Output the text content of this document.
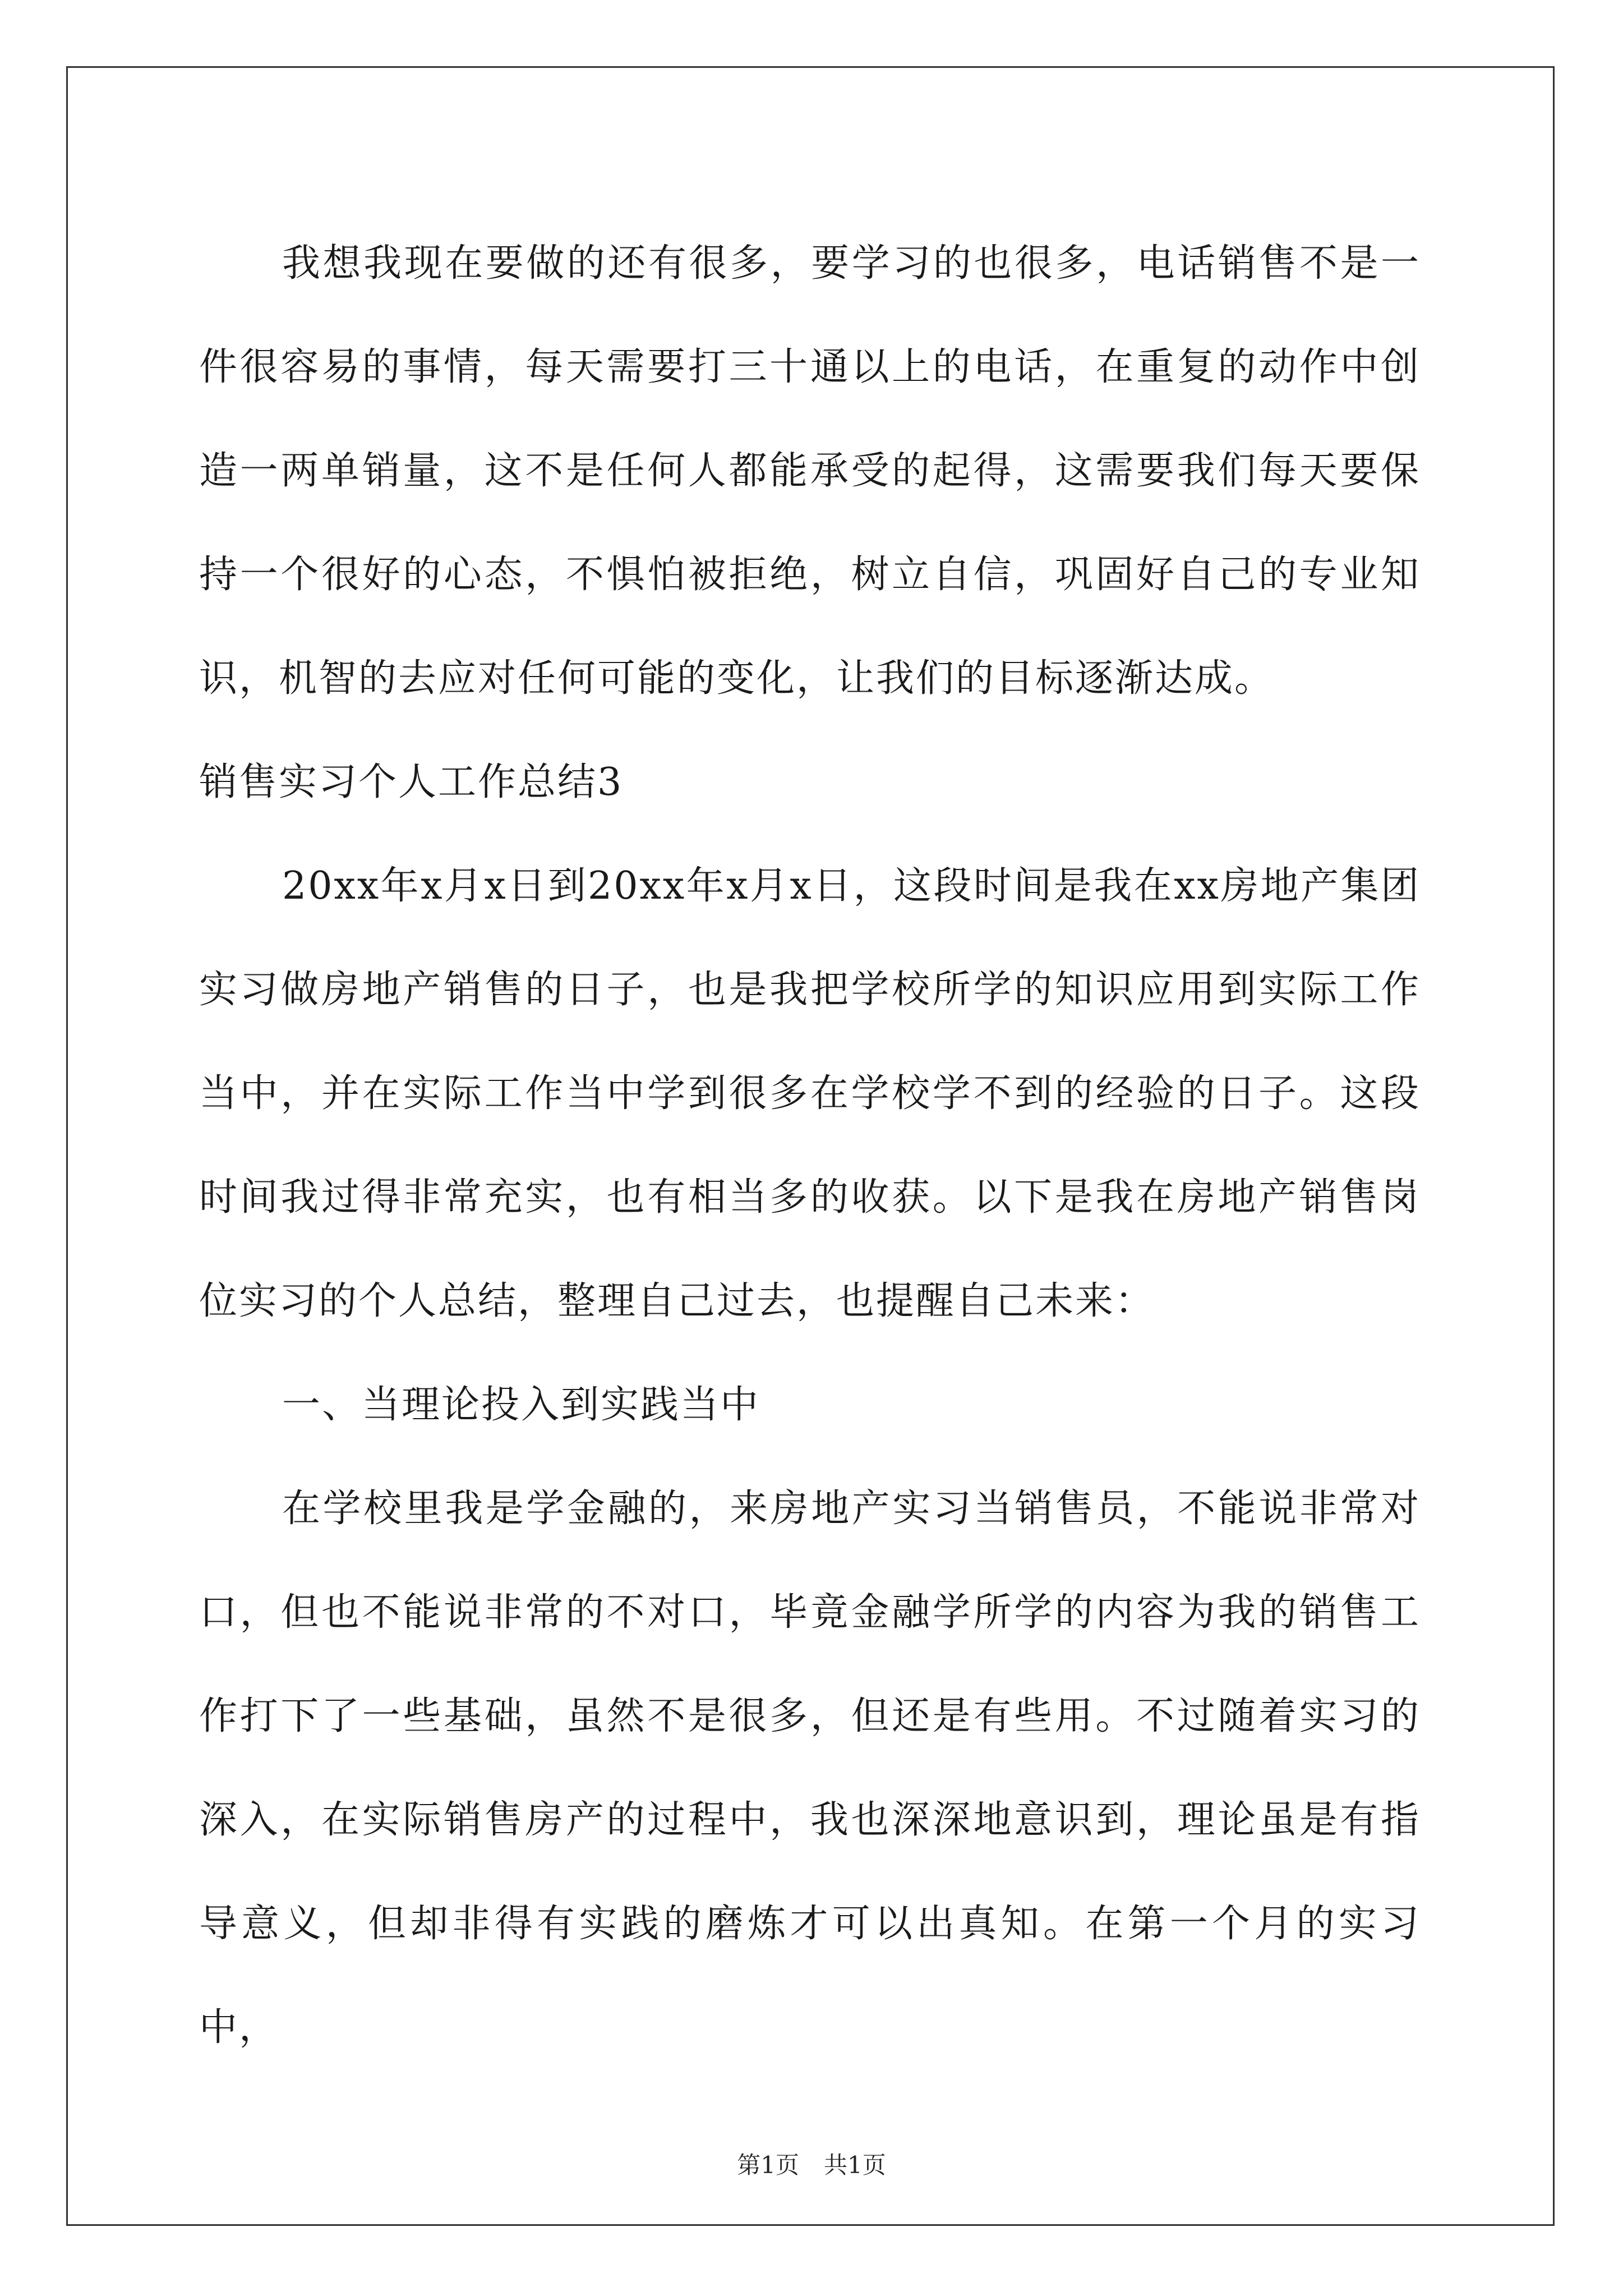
我想我现在要做的还有很多，要学习的也很多，电话销售不是一件很容易的事情，每天需要打三十通以上的电话，在重复的动作中创造一两单销量，这不是任何人都能承受的起得，这需要我们每天要保持一个很好的心态，不惧怕被拒绝，树立自信，巩固好自己的专业知识，机智的去应对任何可能的变化，让我们的目标逐渐达成。

销售实习个人工作总结3

20xx年x月x日到20xx年x月x日，这段时间是我在xx房地产集团实习做房地产销售的日子，也是我把学校所学的知识应用到实际工作当中，并在实际工作当中学到很多在学校学不到的经验的日子。这段时间我过得非常充实，也有相当多的收获。以下是我在房地产销售岗位实习的个人总结，整理自己过去，也提醒自己未来：

一、当理论投入到实践当中

在学校里我是学金融的，来房地产实习当销售员，不能说非常对口，但也不能说非常的不对口，毕竟金融学所学的内容为我的销售工作打下了一些基础，虽然不是很多，但还是有些用。不过随着实习的深入，在实际销售房产的过程中，我也深深地意识到，理论虽是有指导意义，但却非得有实践的磨炼才可以出真知。在第一个月的实习中，

第1页 共1页
